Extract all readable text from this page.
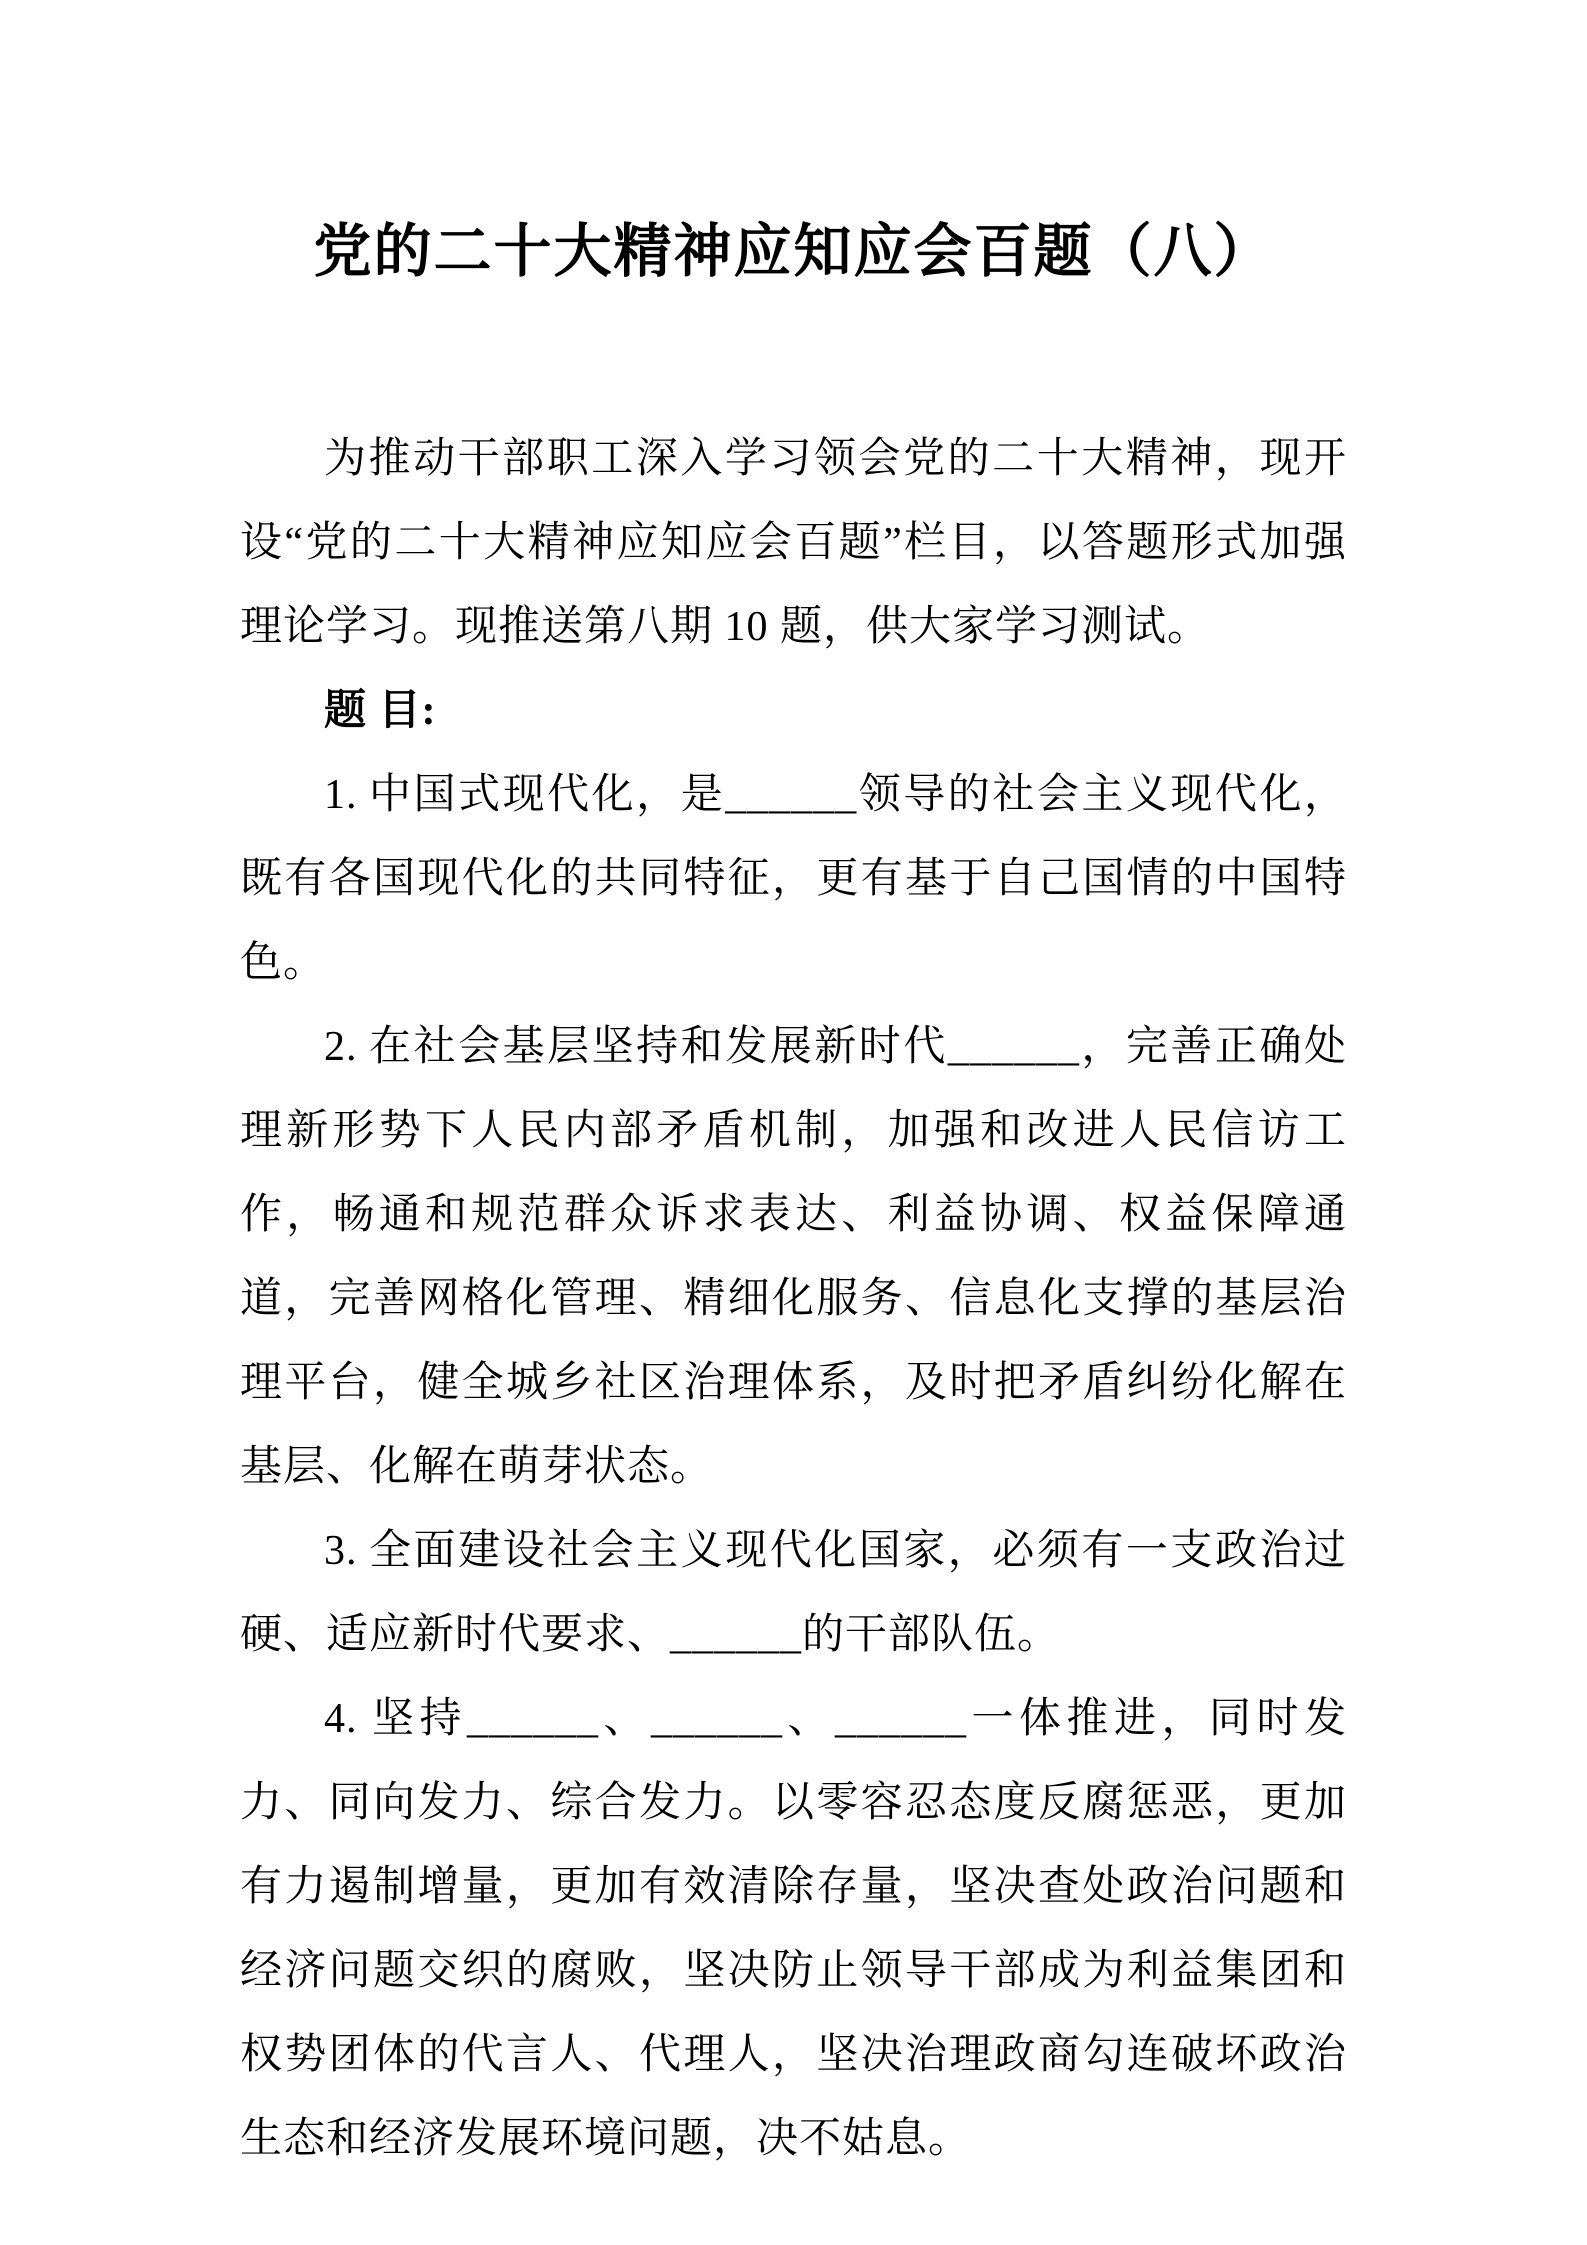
党的二十大精神应知应会百题（八）

为推动干部职工深入学习领会党的二十大精神，现开设“党的二十大精神应知应会百题”栏目，以答题形式加强理论学习。现推送第八期 10 题，供大家学习测试。

题 目:

1. 中国式现代化，是______领导的社会主义现代化，既有各国现代化的共同特征，更有基于自己国情的中国特色。

2. 在社会基层坚持和发展新时代______，完善正确处理新形势下人民内部矛盾机制，加强和改进人民信访工作，畅通和规范群众诉求表达、利益协调、权益保障通道，完善网格化管理、精细化服务、信息化支撑的基层治理平台，健全城乡社区治理体系，及时把矛盾纠纷化解在基层、化解在萌芽状态。

3. 全面建设社会主义现代化国家，必须有一支政治过硬、适应新时代要求、______的干部队伍。

4. 坚持______、______、______一体推进，同时发力、同向发力、综合发力。以零容忍态度反腐惩恶，更加有力遏制增量，更加有效清除存量，坚决查处政治问题和经济问题交织的腐败，坚决防止领导干部成为利益集团和权势团体的代言人、代理人，坚决治理政商勾连破坏政治生态和经济发展环境问题，决不姑息。
